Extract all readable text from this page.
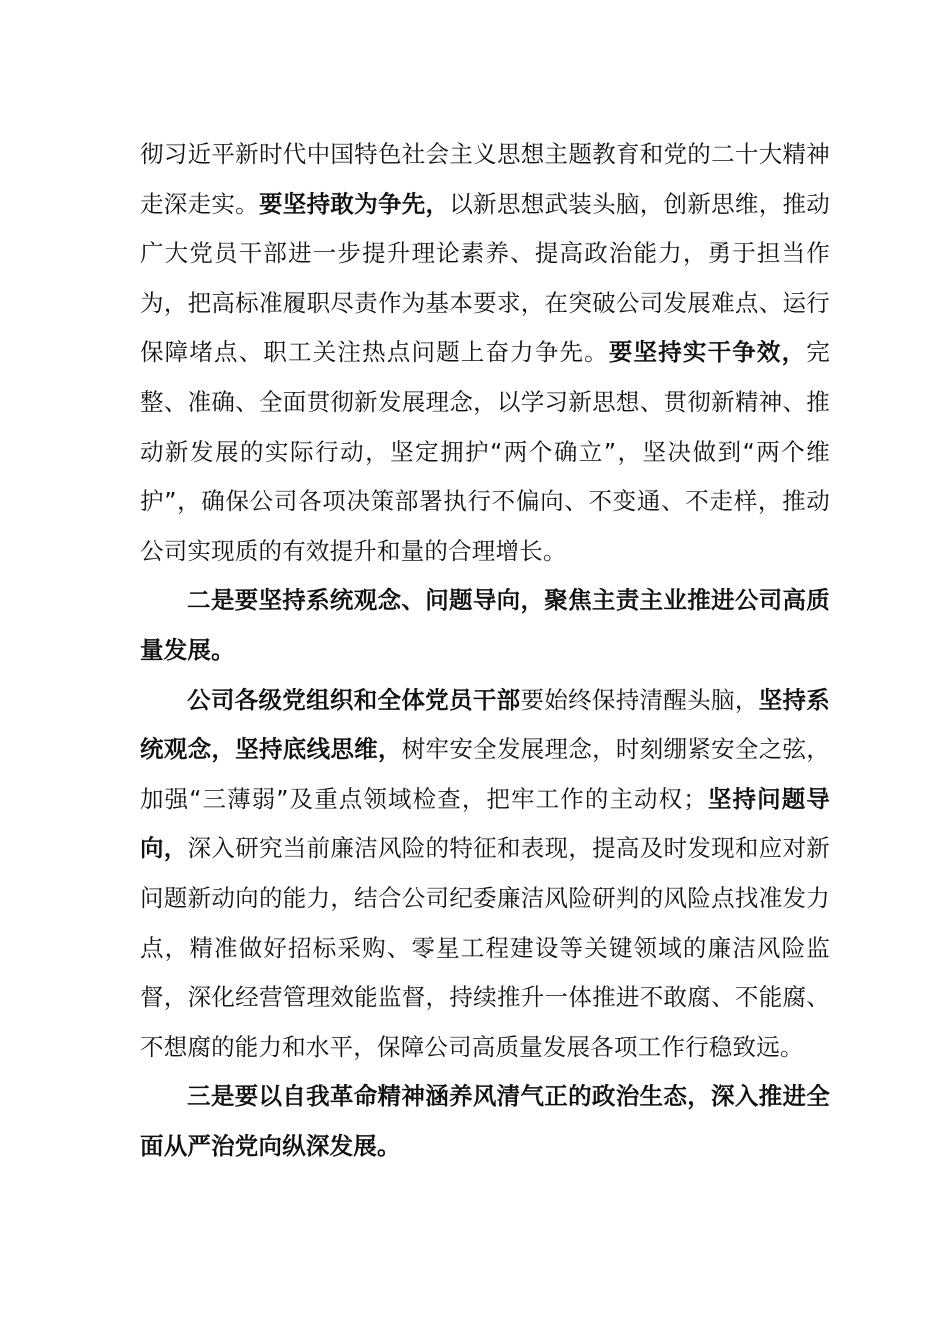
彻习近平新时代中国特色社会主义思想主题教育和党的二十大精神走深走实。要坚持敢为争先，以新思想武装头脑，创新思维，推动广大党员干部进一步提升理论素养、提高政治能力，勇于担当作为，把高标准履职尽责作为基本要求，在突破公司发展难点、运行保障堵点、职工关注热点问题上奋力争先。要坚持实干争效，完整、准确、全面贯彻新发展理念，以学习新思想、贯彻新精神、推动新发展的实际行动，坚定拥护“两个确立”，坚决做到“两个维护”，确保公司各项决策部署执行不偏向、不变通、不走样，推动公司实现质的有效提升和量的合理增长。

二是要坚持系统观念、问题导向，聚焦主责主业推进公司高质量发展。

公司各级党组织和全体党员干部要始终保持清醒头脑，坚持系统观念，坚持底线思维，树牢安全发展理念，时刻绷紧安全之弦，加强“三薄弱”及重点领域检查，把牢工作的主动权；坚持问题导向，深入研究当前廉洁风险的特征和表现，提高及时发现和应对新问题新动向的能力，结合公司纪委廉洁风险研判的风险点找准发力点，精准做好招标采购、零星工程建设等关键领域的廉洁风险监督，深化经营管理效能监督，持续推升一体推进不敢腐、不能腐、不想腐的能力和水平，保障公司高质量发展各项工作行稳致远。

三是要以自我革命精神涵养风清气正的政治生态，深入推进全面从严治党向纵深发展。
